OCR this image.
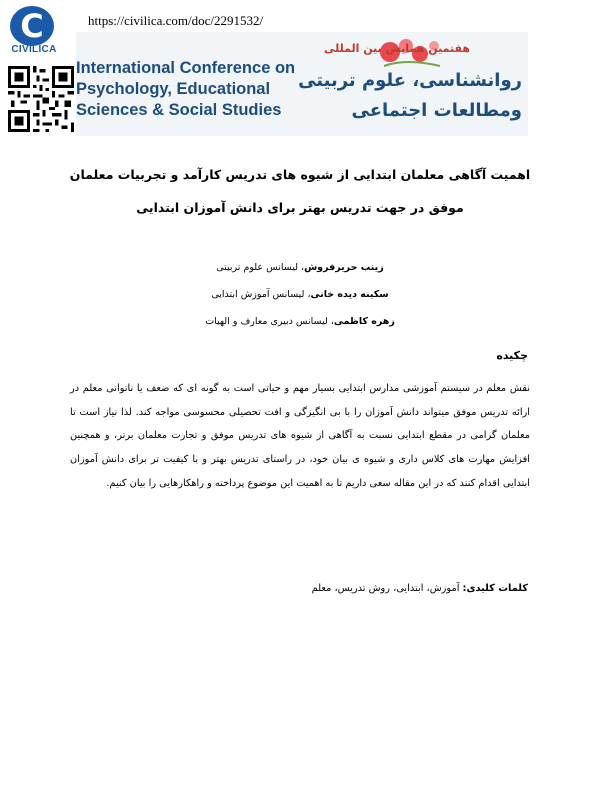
C
CIVILICA
https://civilica.com/doc/2291532/
International Conference on
Psychology, Educational
Sciences & Social Studies
هفتمین همایش بین المللی
روانشناسی، علوم تربیتی
ومطالعات اجتماعی
اهمیت آگاهی معلمان ابتدایی از شیوه های تدریس کارآمد و تجربیات معلمان
موفق در جهت تدریس بهتر برای دانش آموزان ابتدایی
زینب حریرفروش، لیسانس علوم تربیتی
سکینه دیده خانی، لیسانس آموزش ابتدایی
زهره کاظمی، لیسانس دبیری معارف و الهیات
چکیده
نقش معلم در سیستم آموزشی مدارس ابتدایی بسیار مهم و حیاتی است به گونه ای که ضعف یا ناتوانی معلم در ارائه تدریس موفق میتواند دانش آموزان را با بی انگیزگی و افت تحصیلی محسوسی مواجه کند. لذا نیاز است تا معلمان گرامی در مقطع ابتدایی نسبت به آگاهی از شیوه های تدریس موفق و تجارت معلمان برتر، و همچنین افزایش مهارت های کلاس داری و شیوه ی بیان خود، در راستای تدریس بهتر و با کیفیت تر برای دانش آموزان ابتدایی اقدام کنند که در این مقاله سعی داریم تا به اهمیت این موضوع پرداخته و راهکارهایی را بیان کنیم.
کلمات کلیدی: آموزش، ابتدایی، روش تدریس، معلم
